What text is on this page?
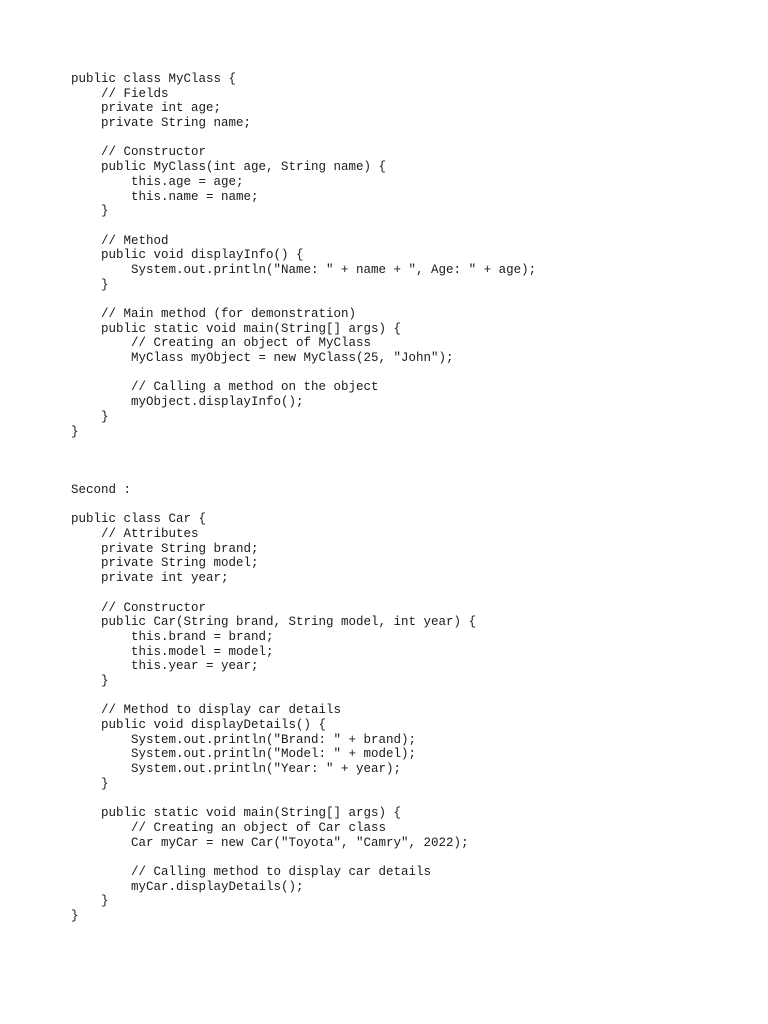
public class MyClass {
// Fields
private int age;
private String name;
// Constructor
public MyClass(int age, String name) {
this.age = age;
this.name = name;
}
// Method
public void displayInfo() {
System.out.println("Name: " + name + ", Age: " + age);
}
// Main method (for demonstration)
public static void main(String[] args) {
// Creating an object of MyClass
MyClass myObject = new MyClass(25, "John");
// Calling a method on the object
myObject.displayInfo();
}
}
Second :
public class Car {
// Attributes
private String brand;
private String model;
private int year;
// Constructor
public Car(String brand, String model, int year) {
this.brand = brand;
this.model = model;
this.year = year;
}
// Method to display car details
public void displayDetails() {
System.out.println("Brand: " + brand);
System.out.println("Model: " + model);
System.out.println("Year: " + year);
}
public static void main(String[] args) {
// Creating an object of Car class
Car myCar = new Car("Toyota", "Camry", 2022);
// Calling method to display car details
myCar.displayDetails();
}
}
